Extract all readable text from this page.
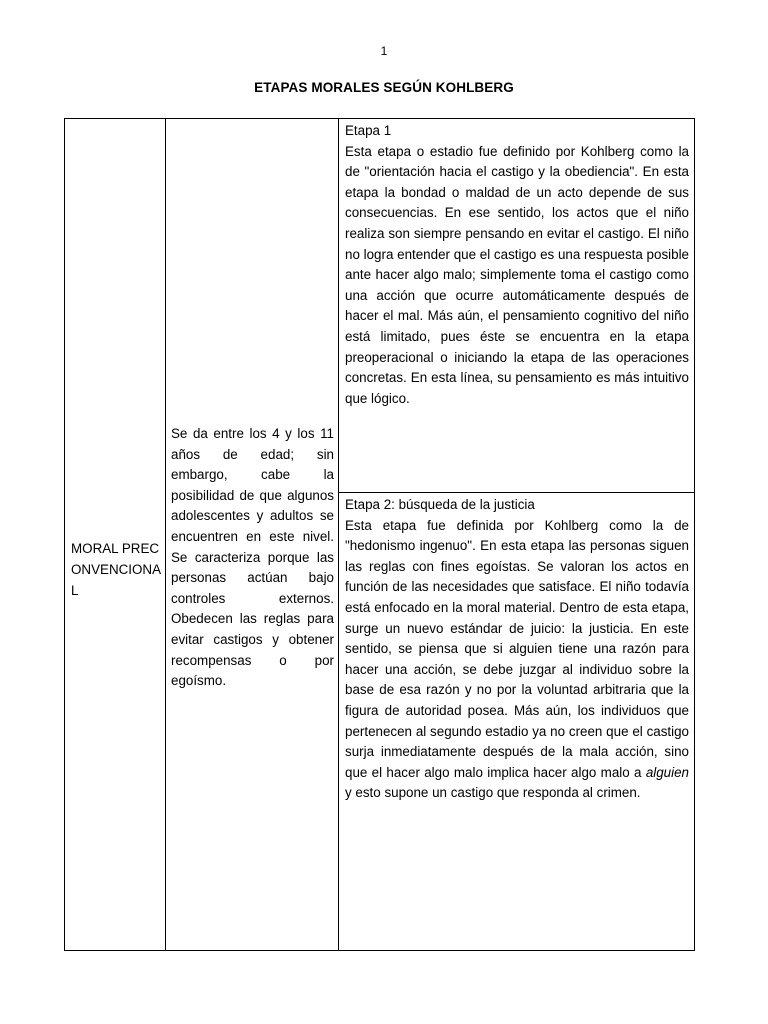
1
ETAPAS MORALES SEGÚN KOHLBERG
MORAL PRECONVENCIONAL
Se da entre los 4 y los 11 años de edad; sin embargo, cabe la posibilidad de que algunos adolescentes y adultos se encuentren en este nivel. Se caracteriza porque las personas actúan bajo controles externos. Obedecen las reglas para evitar castigos y obtener recompensas o por egoísmo.
Etapa 1

Esta etapa o estadio fue definido por Kohlberg como la de "orientación hacia el castigo y la obediencia". En esta etapa la bondad o maldad de un acto depende de sus consecuencias. En ese sentido, los actos que el niño realiza son siempre pensando en evitar el castigo. El niño no logra entender que el castigo es una respuesta posible ante hacer algo malo; simplemente toma el castigo como una acción que ocurre automáticamente después de hacer el mal. Más aún, el pensamiento cognitivo del niño está limitado, pues éste se encuentra en la etapa preoperacional o iniciando la etapa de las operaciones concretas. En esta línea, su pensamiento es más intuitivo que lógico.

Etapa 2: búsqueda de la justicia

Esta etapa fue definida por Kohlberg como la de "hedonismo ingenuo". En esta etapa las personas siguen las reglas con fines egoístas. Se valoran los actos en función de las necesidades que satisface. El niño todavía está enfocado en la moral material. Dentro de esta etapa, surge un nuevo estándar de juicio: la justicia. En este sentido, se piensa que si alguien tiene una razón para hacer una acción, se debe juzgar al individuo sobre la base de esa razón y no por la voluntad arbitraria que la figura de autoridad posea. Más aún, los individuos que pertenecen al segundo estadio ya no creen que el castigo surja inmediatamente después de la mala acción, sino que el hacer algo malo implica hacer algo malo a alguien y esto supone un castigo que responda al crimen.
